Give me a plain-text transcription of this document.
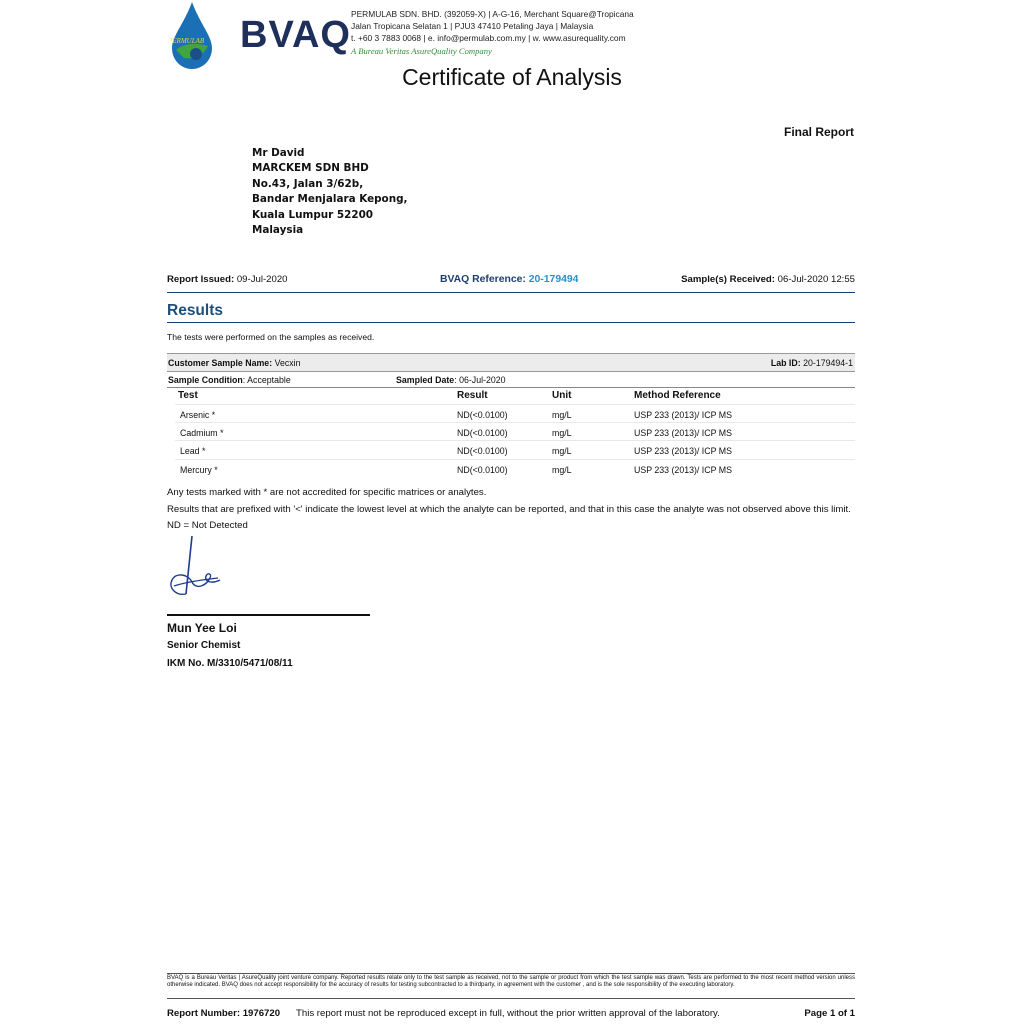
PERMULAB BVAQ PERMULAB SDN. BHD. (392059-X) | A-G-16, Merchant Square@Tropicana
Jalan Tropicana Selatan 1 | PJU3 47410 Petaling Jaya | Malaysia
t. +60 3 7883 0068 | e. info@permulab.com.my | w. www.asurequality.com
A Bureau Veritas AsureQuality Company
Certificate of Analysis
Final Report
Mr David
MARCKEM SDN BHD
No.43, Jalan 3/62b,
Bandar Menjalara Kepong,
Kuala Lumpur 52200
Malaysia
Report Issued: 09-Jul-2020	BVAQ Reference: 20-179494	Sample(s) Received: 06-Jul-2020 12:55
Results
The tests were performed on the samples as received.
Customer Sample Name: Vecxin	Lab ID: 20-179494-1
Sample Condition: Acceptable	Sampled Date: 06-Jul-2020
Test	Result	Unit	Method Reference
Arsenic *	ND(<0.0100)	mg/L	USP 233 (2013)/ ICP MS
Cadmium *	ND(<0.0100)	mg/L	USP 233 (2013)/ ICP MS
Lead *	ND(<0.0100)	mg/L	USP 233 (2013)/ ICP MS
Mercury *	ND(<0.0100)	mg/L	USP 233 (2013)/ ICP MS
Any tests marked with * are not accredited for specific matrices or analytes.
Results that are prefixed with '<' indicate the lowest level at which the analyte can be reported, and that in this case the analyte was not observed above this limit.
ND = Not Detected
Mun Yee Loi
Senior Chemist
IKM No. M/3310/5471/08/11
BVAQ is a Bureau Veritas | AsureQuality joint venture company. Reported results relate only to the test sample as received, not to the sample or product from which the test sample was drawn. Tests are performed to the most recent method version unless otherwise indicated. BVAQ does not accept responsibility for the accuracy of results for testing subcontracted to a thirdparty, in agreement with the customer , and is the sole responsibility of the executing laboratory.
Report Number: 1976720 This report must not be reproduced except in full, without the prior written approval of the laboratory.	Page 1 of 1
